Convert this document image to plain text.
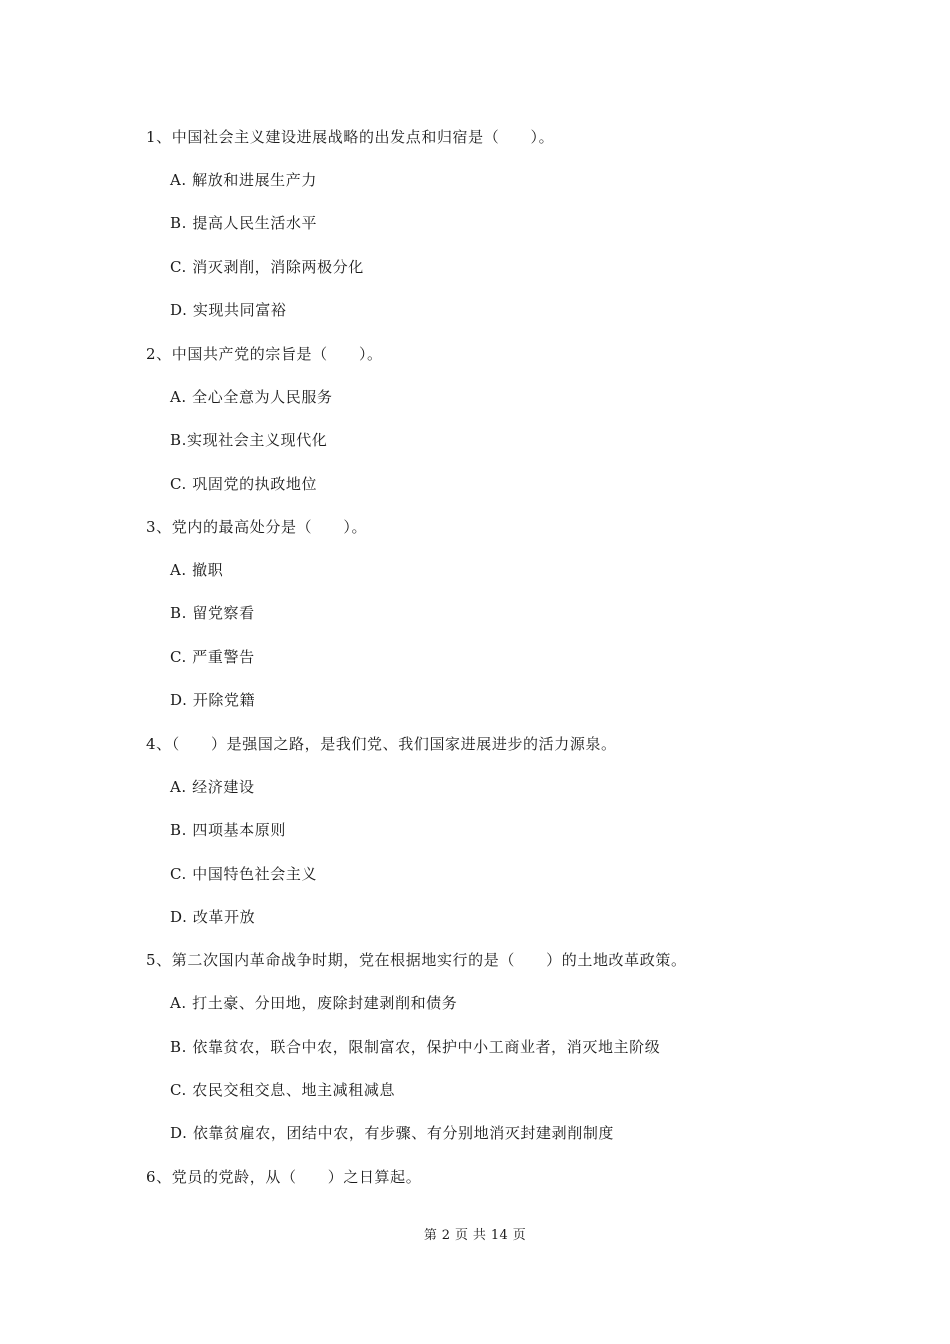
1、中国社会主义建设进展战略的出发点和归宿是（　　）。
A. 解放和进展生产力
B. 提高人民生活水平
C. 消灭剥削，消除两极分化
D. 实现共同富裕
2、中国共产党的宗旨是（　　）。
A. 全心全意为人民服务
B.实现社会主义现代化
C. 巩固党的执政地位
3、党内的最高处分是（　　）。
A. 撤职
B. 留党察看
C. 严重警告
D. 开除党籍
4、（　　）是强国之路，是我们党、我们国家进展进步的活力源泉。
A. 经济建设
B. 四项基本原则
C. 中国特色社会主义
D. 改革开放
5、第二次国内革命战争时期，党在根据地实行的是（　　）的土地改革政策。
A. 打土豪、分田地，废除封建剥削和债务
B. 依靠贫农，联合中农，限制富农，保护中小工商业者，消灭地主阶级
C. 农民交租交息、地主减租减息
D. 依靠贫雇农，团结中农，有步骤、有分别地消灭封建剥削制度
6、党员的党龄，从（　　）之日算起。
第 2 页 共 14 页
